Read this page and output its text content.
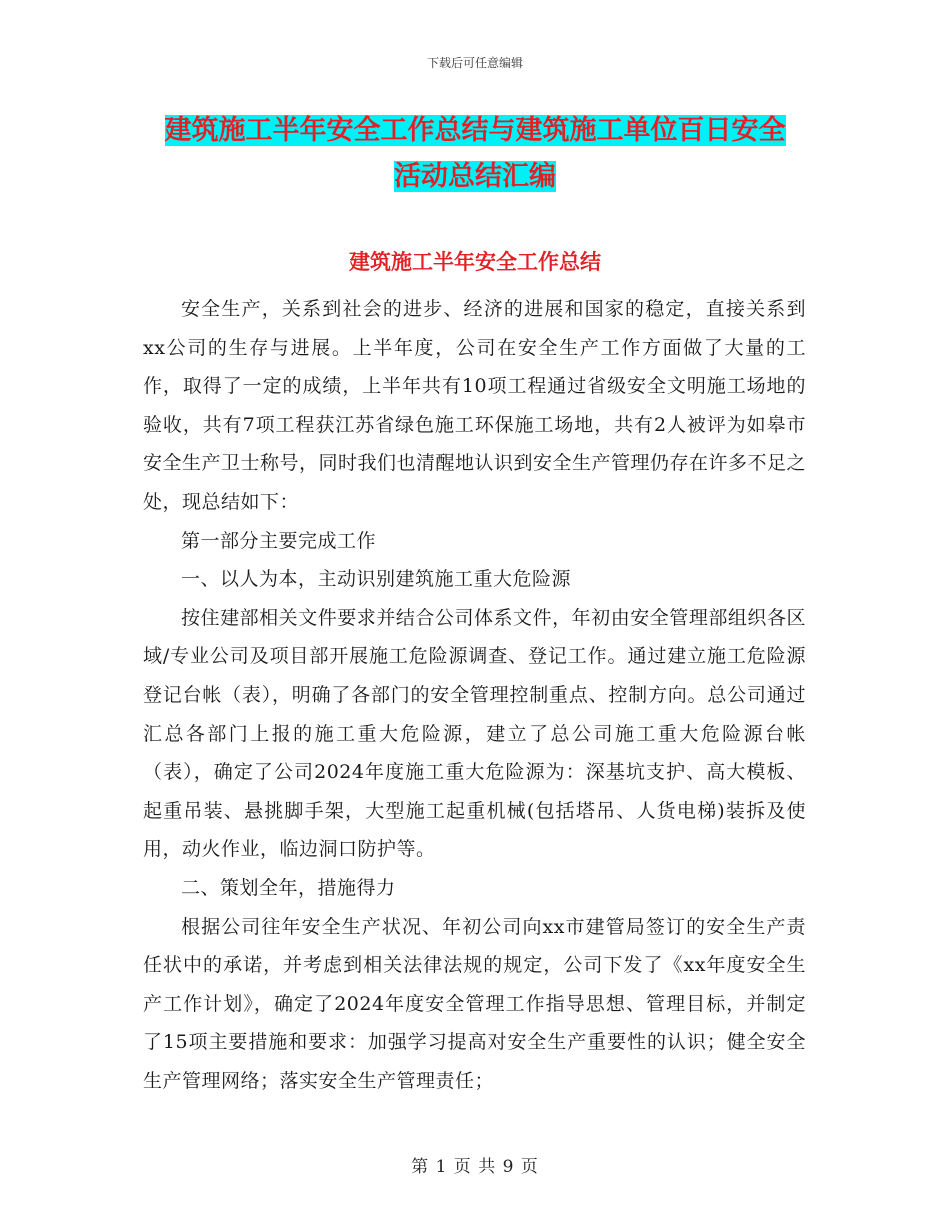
下载后可任意编辑
建筑施工半年安全工作总结与建筑施工单位百日安全
活动总结汇编
建筑施工半年安全工作总结

安全生产，关系到社会的进步、经济的进展和国家的稳定，直接关系到xx公司的生存与进展。上半年度，公司在安全生产工作方面做了大量的工作，取得了一定的成绩，上半年共有10项工程通过省级安全文明施工场地的验收，共有7项工程获江苏省绿色施工环保施工场地，共有2人被评为如皋市安全生产卫士称号，同时我们也清醒地认识到安全生产管理仍存在许多不足之处，现总结如下：

第一部分主要完成工作

一、以人为本，主动识别建筑施工重大危险源

按住建部相关文件要求并结合公司体系文件，年初由安全管理部组织各区域/专业公司及项目部开展施工危险源调查、登记工作。通过建立施工危险源登记台帐（表），明确了各部门的安全管理控制重点、控制方向。总公司通过汇总各部门上报的施工重大危险源，建立了总公司施工重大危险源台帐（表），确定了公司2024年度施工重大危险源为：深基坑支护、高大模板、起重吊装、悬挑脚手架，大型施工起重机械(包括塔吊、人货电梯)装拆及使用，动火作业，临边洞口防护等。

二、策划全年，措施得力

根据公司往年安全生产状况、年初公司向xx市建管局签订的安全生产责任状中的承诺，并考虑到相关法律法规的规定，公司下发了《xx年度安全生产工作计划》，确定了2024年度安全管理工作指导思想、管理目标，并制定了15项主要措施和要求：加强学习提高对安全生产重要性的认识；健全安全生产管理网络；落实安全生产管理责任；

第 1 页 共 9 页
